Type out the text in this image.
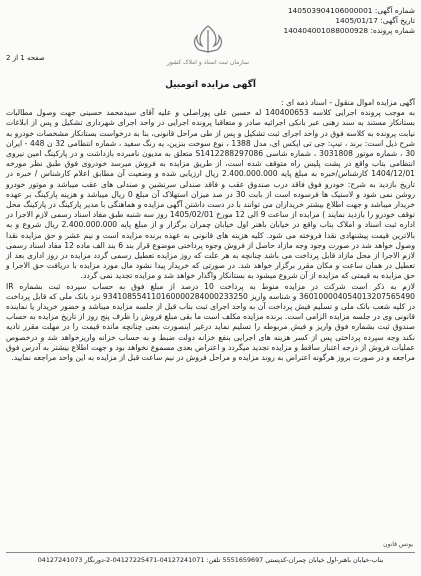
شماره آگهی: 140503904106000001
تاریخ آگهی: 1405/01/17
شماره پرونده: 140404001088000928
سازمان ثبت اسناد و املاک کشور
صفحه 1 از 2
آگهی مزایده اتومبیل

آگهی مزایده اموال منقول - اسناد ذمه ای :

به موجب پرونده اجرایی کلاسه 140400653 له حسین علی پوراصلی و علیه آقای سیدمحمد حسینی جهت وصول مطالبات بستانکار مستند به سند رهنی عبر بانکی اجرائیه صادر و متعاقبا پرونده اجرایی در واحد اجرای شهرداری تشکیل و پس از ابلاغات نیابت پرونده به کلاسه فوق در واحد اجرای ثبت تشکیل و پس از طی مراحل قانونی، بنا به درخواست بستانکار مشخصات خودرو به شرح ذیل است: برند ، تیپ: جی تی ایکس ای، مدل 1388 ، نوع سوخت بنزین، به رنگ سفید ، شماره انتظامی 32 ن 448 - ایران 30 ، شماره موتور 3031808 ، شماره شاسی S1412288297086 متعلق به مدیون نامبرده بازداشت و در پارکینگ امین نیروی انتظامی بناب واقع در پشت پلیس راه متوقف شده است، از طریق مزایده به فروش میرسد خودروی فوق طبق نظر مورخه 1404/12/01 کارشناس/خبره به مبلغ پایه 2.400.000.000 ریال ارزیابی شده و وضعیت آن مطابق اعلام کارشناس / خبره در تاریخ بازدید به شرح: خودرو فوق فاقد درب صندوق عقب و فاقد صندلی سرنشین و صندلی های عقب میباشد و موتور خودرو روشن نمی شود و لاستیک ها فرسوده است از بابت 30 در صد میزان استهلاک آن مبلغ 0 ریال میباشد و هزینه پارکینگ بر عهده خریدار میباشد و جهت اطلاع بیشتر خریداران می توانند با در دست داشتن آگهی مزایده و هماهنگی با مدیر پارکینگ در پارکینگ محل توقف خودرو را بازدید نمایند ) مزایده از ساعت 9 الی 12 مورخ 1405/02/01 روز سه شنبه طبق مفاد اسناد رسمی لازم الاجرا در اداره ثبت اسناد و املاک بناب واقع در خیابان باهنر اول خیابان چمران برگزار و از مبلغ پایه 2.400.000.000 ریال شروع و به بالاترین قیمت پیشنهادی نقدا فروخته می شود. کلیه هزینه های قانونی به عهده برنده مزایده است و نیم عشر و حق مزایده نقدا وصول خواهد شد در صورت وجود وجه مازاد حاصل از فروش وجوه پرداختی موضوع قرار بند 6 بند الف ماده 12 مفاد اسناد رسمی لازم الاجرا از محل مازاد قابل پرداخت می باشد چنانچه به هر علت که روز مزایده تعطیل رسمی گردد مزایده در روز اداری بعد از تعطیل در همان ساعت و مکان مقرر برگزار خواهد شد. در صورتی که خریدار پیدا نشود مال مورد مزایده با دریافت حق الاجرا و حق مزایده به قیمتی که مزایده از آن شروع میشود به بستانکار واگذار خواهد شد و مزایده تجدید نمی گردد.

لازم به ذکر است شرکت در مزایده منوط به پرداخت 10 درصد از مبلغ فوق به حساب سپرده ثبت بشماره IR 360100004054013207565490 و شناسه واریز 934108554110160000284000233250 نزد بانک ملی که قابل پرداخت در کلیه شعب بانک ملی و تسلیم فیش پرداخت آن به واحد اجرای ثبت بناب قبل از جلسه مزایده میباشد و حضور خریدار یا نماینده قانونی وی در جلسه مزایده الزامی است. برنده مزایده مکلف است ما بقی مبلغ فروش را ظرف پنج روز از تاریخ مزایده به حساب صندوق ثبت بشماره فوق واریز و فیش مربوطه را تسلیم نماید درغیر اینصورت بعنی چنانچه مانده قیمت را در مهلت مقرر تادیه نکند وجه سپرده پرداختی پس از کسر هزینه های اجرایی بنفع خزانه دولت ضبط و به حساب خزانه واریزخواهد شد و درخصوص عملیات فروش از درجه اعتبار ساقط و مزایده تجدید میگردد و اعتراض بعدی مسموع نخواهد بود و جهت اطلاع بیشتر به آدرس فوق مراجعه و در صورت بروز هرگونه اعتراض به روند مزایده و مراحل فروش در نیم ساعت قبل از مزایده به این واحد مراجعه نمایید.

یونس قانون
بناب-خیابان باهنر-اول خیابان چمران-کدپستی 5551659697 تلفن: 04127241071-04127225471-2-دورنگار 04127241073
